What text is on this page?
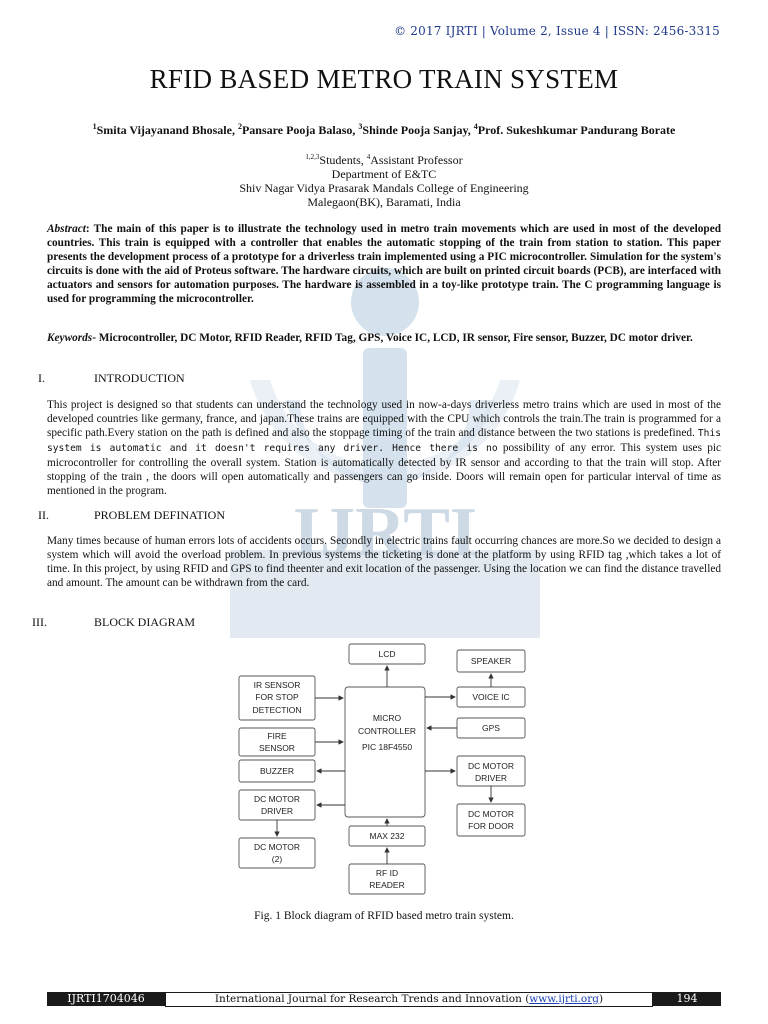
IJRTI
© 2017 IJRTI | Volume 2, Issue 4 | ISSN: 2456-3315
RFID BASED METRO TRAIN SYSTEM
$^1$Smita Vijayanand Bhosale, $^2$Pansare Pooja Balaso, $^3$Shinde Pooja Sanjay, $^4$Prof. Sukeshkumar Pandurang Borate
$^{1,2,3}$Students, $^4$Assistant Professor
Department of E&TC
Shiv Nagar Vidya Prasarak Mandals College of Engineering
Malegaon(BK), Baramati, India
Abstract: The main of this paper is to illustrate the technology used in metro train movements which are used in most of the developed countries. This train is equipped with a controller that enables the automatic stopping of the train from station to station. This paper presents the development process of a prototype for a driverless train implemented using a PIC microcontroller. Simulation for the system's circuits is done with the aid of Proteus software. The hardware circuits, which are built on printed circuit boards (PCB), are interfaced with actuators and sensors for automation purposes. The hardware is assembled in a toy-like prototype train. The C programming language is used for programming the microcontroller.
Keywords- Microcontroller, DC Motor, RFID Reader, RFID Tag, GPS, Voice IC, LCD, IR sensor, Fire sensor, Buzzer, DC motor driver.
I.	INTRODUCTION
This project is designed so that students can understand the technology used in now-a-days driverless metro trains which are used in most of the developed countries like germany, france, and japan.These trains are equipped with the CPU which controls the train.The train is programmed for a specific path.Every station on the path is defined and also the stoppage timing of the train and distance between the two stations is predefined. This system is automatic and it doesn't requires any driver. Hence there is no possibility of any error. This system uses pic microcontroller for controlling the overall system. Station is automatically detected by IR sensor and according to that the train will stop. After stopping of the train , the doors will open automatically and passengers can go inside. Doors will remain open for particular interval of time as mentioned in the program.
II.	PROBLEM DEFINATION
Many times because of human errors lots of accidents occurs. Secondly in electric trains fault occurring chances are more.So we decided to design a system which will avoid the overload problem. In previous systems the ticketing is done at the platform by using RFID tag ,which takes a lot of time. In this project, by using RFID and GPS to find theenter and exit location of the passenger. Using the location we can find the distance travelled and amount. The amount can be withdrawn from the card.
III.	BLOCK DIAGRAM
LCD
SPEAKER
IR SENSOR
FOR STOP
DETECTION
VOICE IC
MICRO
CONTROLLER
PIC 18F4550
FIRE
SENSOR
GPS
BUZZER	DC MOTOR
DRIVER
DC MOTOR
DRIVER	DC MOTOR
FOR DOOR
MAX 232
DC MOTOR
(2)
RF ID
READER
Fig. 1 Block diagram of RFID based metro train system.
IJRTI1704046	International Journal for Research Trends and Innovation (www.ijrti.org)	194
